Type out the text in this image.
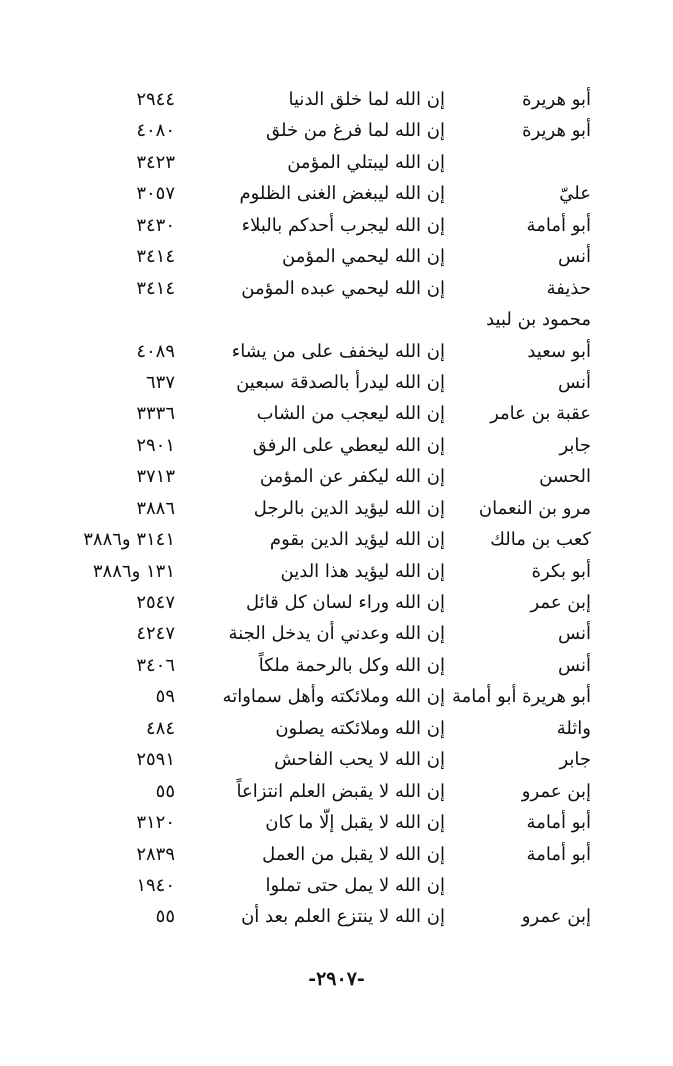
أبو هريرة
إن الله لما خلق الدنيا
٢٩٤٤
أبو هريرة
إن الله لما فرغ من خلق
٤٠٨٠
إن الله ليبتلي المؤمن
٣٤٢٣
عليّ
إن الله ليبغض الغنى الظلوم
٣٠٥٧
أبو أمامة
إن الله ليجرب أحدكم بالبلاء
٣٤٣٠
أنس
إن الله ليحمي المؤمن
٣٤١٤
حذيفة
إن الله ليحمي عبده المؤمن
٣٤١٤
محمود بن لبيد
أبو سعيد
إن الله ليخفف على من يشاء
٤٠٨٩
أنس
إن الله ليدرأ بالصدقة سبعين
٦٣٧
عقبة بن عامر
إن الله ليعجب من الشاب
٣٣٣٦
جابر
إن الله ليعطي على الرفق
٢٩٠١
الحسن
إن الله ليكفر عن المؤمن
٣٧١٣
مرو بن النعمان
إن الله ليؤيد الدين بالرجل
٣٨٨٦
كعب بن مالك
إن الله ليؤيد الدين بقوم
٣١٤١ و٣٨٨٦
أبو بكرة
إن الله ليؤيد هذا الدين
١٣١ و٣٨٨٦
إبن عمر
إن الله وراء لسان كل قائل
٢٥٤٧
أنس
إن الله وعدني أن يدخل الجنة
٤٢٤٧
أنس
إن الله وكل بالرحمة ملكاً
٣٤٠٦
أبو هريرة أبو أمامة
إن الله وملائكته وأهل سماواته
٥٩
واثلة
إن الله وملائكته يصلون
٤٨٤
جابر
إن الله لا يحب الفاحش
٢٥٩١
إبن عمرو
إن الله لا يقبض العلم انتزاعاً
٥٥
أبو أمامة
إن الله لا يقبل إلّا ما كان
٣١٢٠
أبو أمامة
إن الله لا يقبل من العمل
٢٨٣٩
إن الله لا يمل حتى تملوا
١٩٤٠
إبن عمرو
إن الله لا ينتزع العلم بعد أن
٥٥
-٢٩٠٧-
